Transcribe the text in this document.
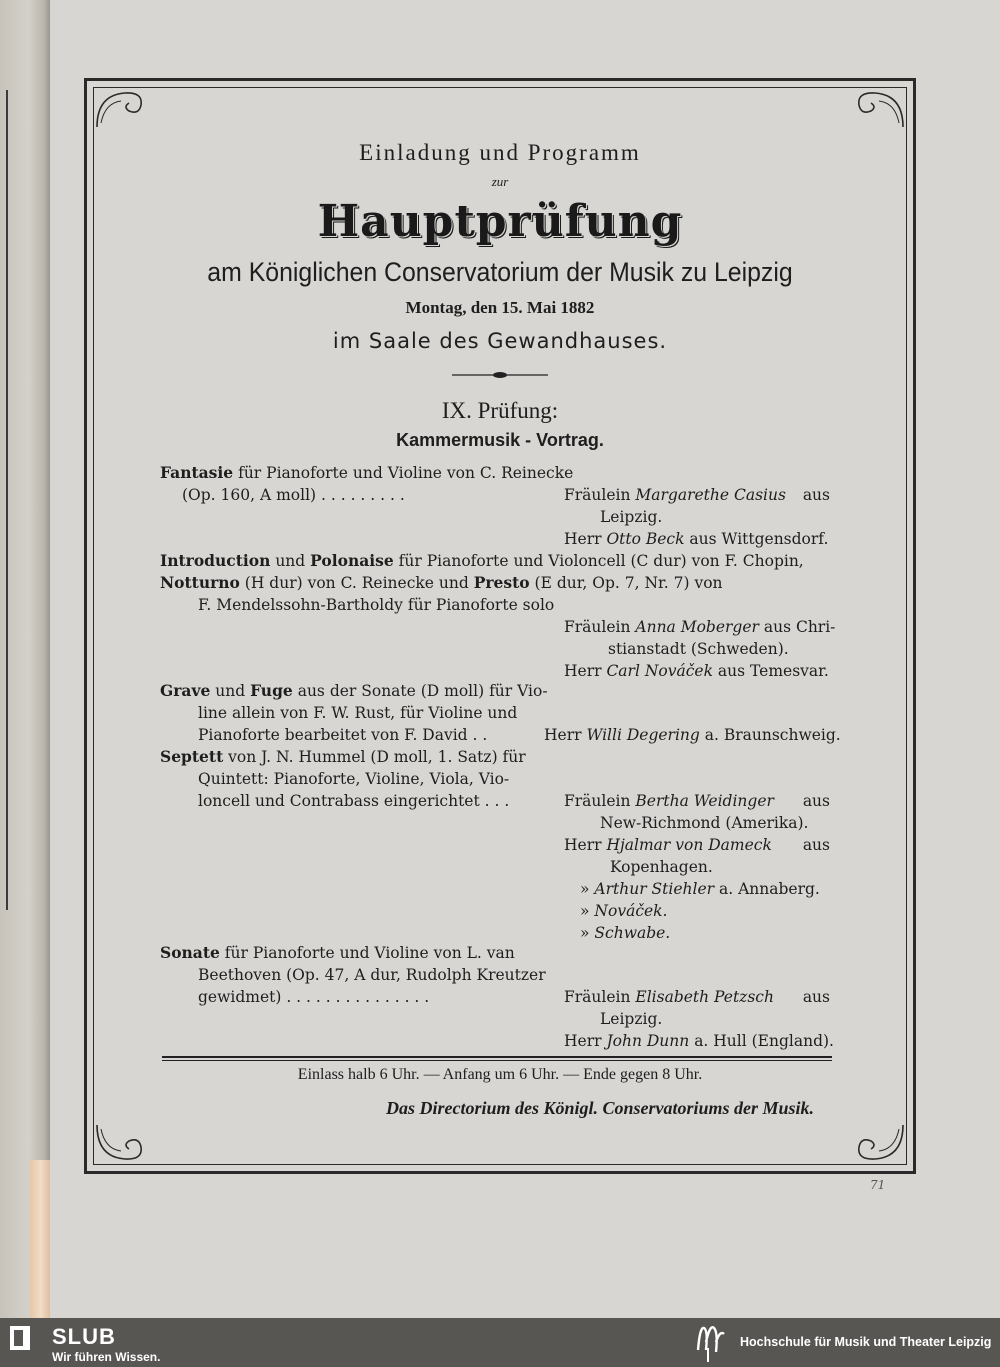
Einladung und Programm
zur
Hauptprüfung
am Königlichen Conservatorium der Musik zu Leipzig
Montag, den 15. Mai 1882
im Saale des Gewandhauses.
IX. Prüfung:
Kammermusik - Vortrag.
Fantasie für Pianoforte und Violine von C. Reinecke
(Op. 160, A moll) . . . . . . . . .	Fräulein Margarethe Casius aus
Leipzig.
Herr Otto Beck aus Wittgensdorf.
Introduction und Polonaise für Pianoforte und Violoncell (C dur) von F. Chopin,
Notturno (H dur) von C. Reinecke und Presto (E dur, Op. 7, Nr. 7) von
F. Mendelssohn-Bartholdy für Pianoforte solo
Fräulein Anna Moberger aus Chri-
stianstadt (Schweden).
Herr Carl Nováček aus Temesvar.
Grave und Fuge aus der Sonate (D moll) für Vio-
line allein von F. W. Rust, für Violine und
Pianoforte bearbeitet von F. David . .	Herr Willi Degering a. Braunschweig.
Septett von J. N. Hummel (D moll, 1. Satz) für
Quintett: Pianoforte, Violine, Viola, Vio-
loncell und Contrabass eingerichtet . . .	Fräulein Bertha Weidinger aus
New-Richmond (Amerika).
Herr Hjalmar von Dameck aus
Kopenhagen.
» Arthur Stiehler a. Annaberg.
» Nováček.
» Schwabe.
Sonate für Pianoforte und Violine von L. van
Beethoven (Op. 47, A dur, Rudolph Kreutzer
gewidmet) . . . . . . . . . . . . . . .	Fräulein Elisabeth Petzsch aus
Leipzig.
Herr John Dunn a. Hull (England).
Einlass halb 6 Uhr. — Anfang um 6 Uhr. — Ende gegen 8 Uhr.
Das Directorium des Königl. Conservatoriums der Musik.
71
SLUB
Wir führen Wissen.
Hochschule für Musik und Theater Leipzig
